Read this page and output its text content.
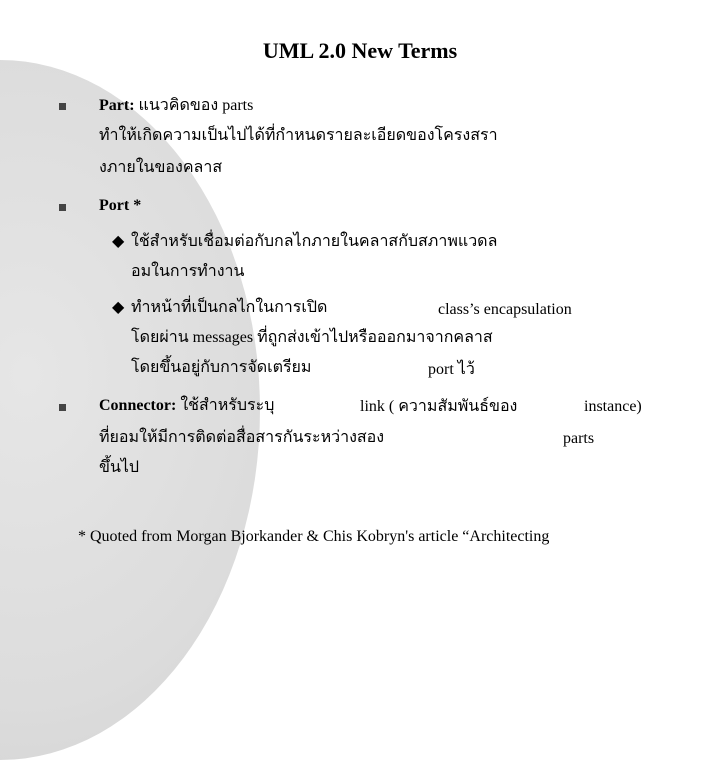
UML 2.0 New Terms
Part: แนวคิดของ parts
ทำให้เกิดความเป็นไปได้ที่กำหนดรายละเอียดของโครงสรา
งภายในของคลาส
Port *
◆ ใช้สำหรับเชื่อมต่อกับกลไกภายในคลาสกับสภาพแวดล
อมในการทำงาน
◆ ทำหน้าที่เป็นกลไกในการเปิด	class’s encapsulation
โดยผ่าน messages ที่ถูกส่งเข้าไปหรือออกมาจากคลาส
โดยขึ้นอยู่กับการจัดเตรียม	port ไว้
Connector: ใช้สำหรับระบุ	link ( ความสัมพันธ์ของ	instance)
ที่ยอมให้มีการติดต่อสื่อสารกันระหว่างสอง	parts
ขึ้นไป
* Quoted from Morgan Bjorkander & Chis Kobryn's article “Architecting
